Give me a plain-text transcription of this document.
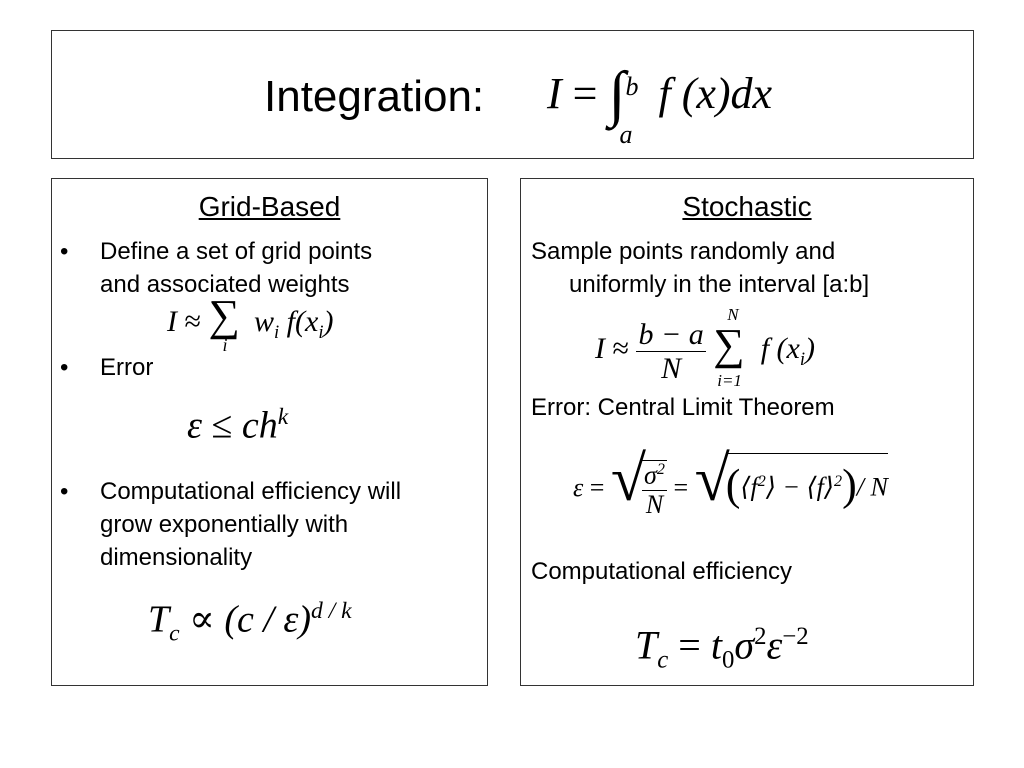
Integration: I = ∫ b
a
f (x)dx
Grid-Based
• Define a set of grid points
and associated weights
I ≈ ∑
i
$w_i$ $f(x_i)$
• Error
$\varepsilon \le ch^k$
• Computational efficiency will
grow exponentially with
dimensionality
$T_c \propto (c / \varepsilon)^{d / k}$
Stochastic
Sample points randomly and
uniformly in the interval [a:b]
$I \approx \frac{b - a}{N}$

N
∑
i=1
f $(x_i)$
Error: Central Limit Theorem
ε = √
$\frac{\sigma^2}{N}$ = $√(⟨f^2⟩$ − ⟨f⟩$^2$)/ N
Computational efficiency
$T_c = t_0\sigma^2\varepsilon^{-2}$
